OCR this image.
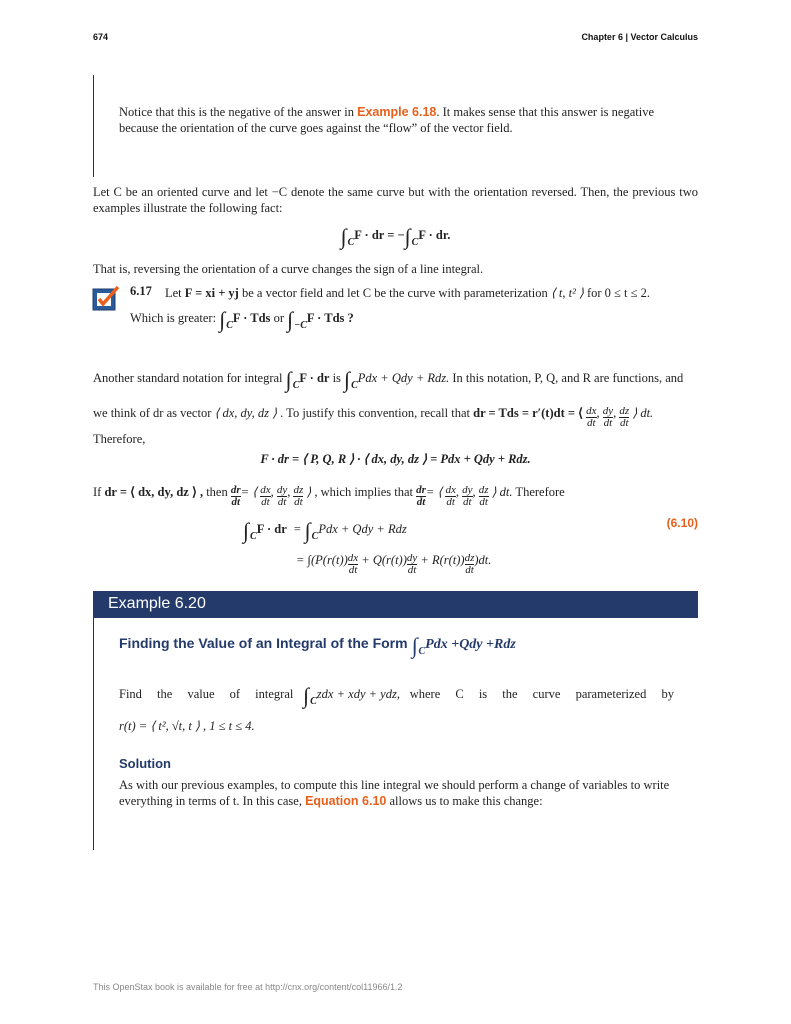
674	Chapter 6 | Vector Calculus
Notice that this is the negative of the answer in Example 6.18. It makes sense that this answer is negative because the orientation of the curve goes against the “flow” of the vector field.
Let C be an oriented curve and let −C denote the same curve but with the orientation reversed. Then, the previous two examples illustrate the following fact:
$\int_CF$ · dr = $-\int_CF$ · dr.
That is, reversing the orientation of a curve changes the sign of a line integral.
6.17 Let F = xi + yj be a vector field and let C be the curve with parameterization ⟨ t, t² ⟩ for 0 ≤ t ≤ 2.
Which is greater: $\int_CF$ · Tds or $\int_{-C}F$ · Tds ?
Another standard notation for integral $\int_CF$ · dr is $\int_CPdx$ + Qdy + Rdz. In this notation, P, Q, and R are functions, and
we think of dr as vector ⟨ dx, dy, dz ⟩ . To justify this convention, recall that dr = Tds = r′(t)dt = ⟨ $\frac{dx}{dt}$ , $\frac{dy}{dt}$ , $\frac{dz}{dt}$ ⟩ dt.
Therefore,
F · dr = ⟨ P, Q, R ⟩ · ⟨ dx, dy, dz ⟩ = Pdx + Qdy + Rdz.
If dr = ⟨ dx, dy, dz ⟩ , then $\frac{dr}{dt}$ = ⟨ $\frac{dx}{dt}$ , $\frac{dy}{dt}$ , $\frac{dz}{dt}$ ⟩ , which implies that $\frac{dr}{dt}$ = ⟨ $\frac{dx}{dt}$ , $\frac{dy}{dt}$ , $\frac{dz}{dt}$ ⟩ dt. Therefore
$\int_CF$ · dr = $\int_CPdx$ + Qdy + Rdz	(6.10)
= $\int(P(r(t)) \frac{dx}{dt} + Q(r(t)) \frac{dy}{dt} + R(r(t)) \frac{dz}{dt} )dt$.
Example 6.20
Finding the Value of an Integral of the Form $\int_CPdx +Qdy +Rdz$
Find the value of integral $\int_Czdx$ + xdy + ydz, where C is the curve parameterized by
r(t) = ⟨ t², √t, t ⟩ , 1 ≤ t ≤ 4.
Solution
As with our previous examples, to compute this line integral we should perform a change of variables to write everything in terms of t. In this case, Equation 6.10 allows us to make this change:
This OpenStax book is available for free at http://cnx.org/content/col11966/1.2
